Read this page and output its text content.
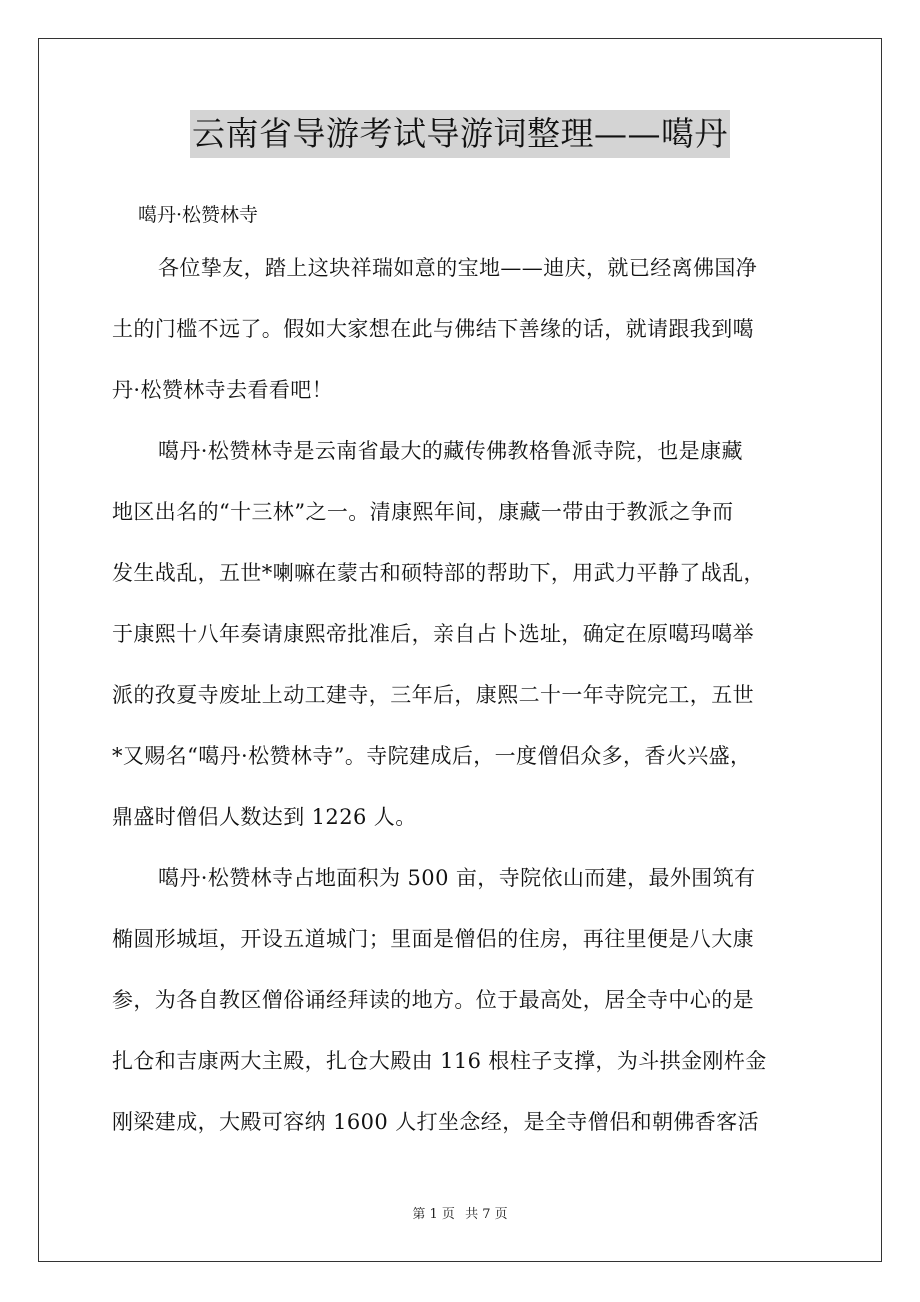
云南省导游考试导游词整理——噶丹

噶丹·松赞林寺

各位挚友，踏上这块祥瑞如意的宝地——迪庆，就已经离佛国净
土的门槛不远了。假如大家想在此与佛结下善缘的话，就请跟我到噶
丹·松赞林寺去看看吧！
噶丹·松赞林寺是云南省最大的藏传佛教格鲁派寺院，也是康藏
地区出名的“十三林”之一。清康熙年间，康藏一带由于教派之争而
发生战乱，五世*喇嘛在蒙古和硕特部的帮助下，用武力平静了战乱，
于康熙十八年奏请康熙帝批准后，亲自占卜选址，确定在原噶玛噶举
派的孜夏寺废址上动工建寺，三年后，康熙二十一年寺院完工，五世
*又赐名“噶丹·松赞林寺”。寺院建成后，一度僧侣众多，香火兴盛，
鼎盛时僧侣人数达到 1226 人。
噶丹·松赞林寺占地面积为 500 亩，寺院依山而建，最外围筑有
椭圆形城垣，开设五道城门；里面是僧侣的住房，再往里便是八大康
参，为各自教区僧俗诵经拜读的地方。位于最高处，居全寺中心的是
扎仓和吉康两大主殿，扎仓大殿由 116 根柱子支撑，为斗拱金刚杵金
刚梁建成，大殿可容纳 1600 人打坐念经，是全寺僧侣和朝佛香客活
第 1 页 共 7 页
